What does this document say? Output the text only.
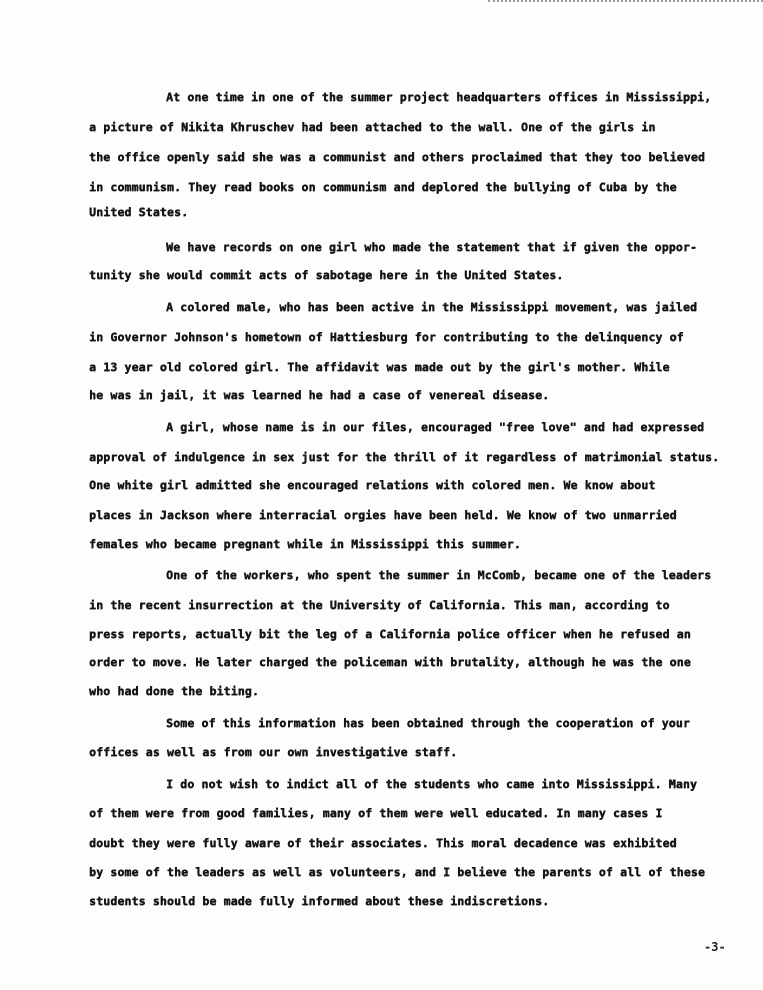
At one time in one of the summer project headquarters offices in Mississippi,
a picture of Nikita Khruschev had been attached to the wall. One of the girls in
the office openly said she was a communist and others proclaimed that they too believed
in communism. They read books on communism and deplored the bullying of Cuba by the
United States.
We have records on one girl who made the statement that if given the oppor-
tunity she would commit acts of sabotage here in the United States.
A colored male, who has been active in the Mississippi movement, was jailed
in Governor Johnson's hometown of Hattiesburg for contributing to the delinquency of
a 13 year old colored girl. The affidavit was made out by the girl's mother. While
he was in jail, it was learned he had a case of venereal disease.
A girl, whose name is in our files, encouraged "free love" and had expressed
approval of indulgence in sex just for the thrill of it regardless of matrimonial status.
One white girl admitted she encouraged relations with colored men. We know about
places in Jackson where interracial orgies have been held. We know of two unmarried
females who became pregnant while in Mississippi this summer.
One of the workers, who spent the summer in McComb, became one of the leaders
in the recent insurrection at the University of California. This man, according to
press reports, actually bit the leg of a California police officer when he refused an
order to move. He later charged the policeman with brutality, although he was the one
who had done the biting.
Some of this information has been obtained through the cooperation of your
offices as well as from our own investigative staff.
I do not wish to indict all of the students who came into Mississippi. Many
of them were from good families, many of them were well educated. In many cases I
doubt they were fully aware of their associates. This moral decadence was exhibited
by some of the leaders as well as volunteers, and I believe the parents of all of these
students should be made fully informed about these indiscretions.
-3-
